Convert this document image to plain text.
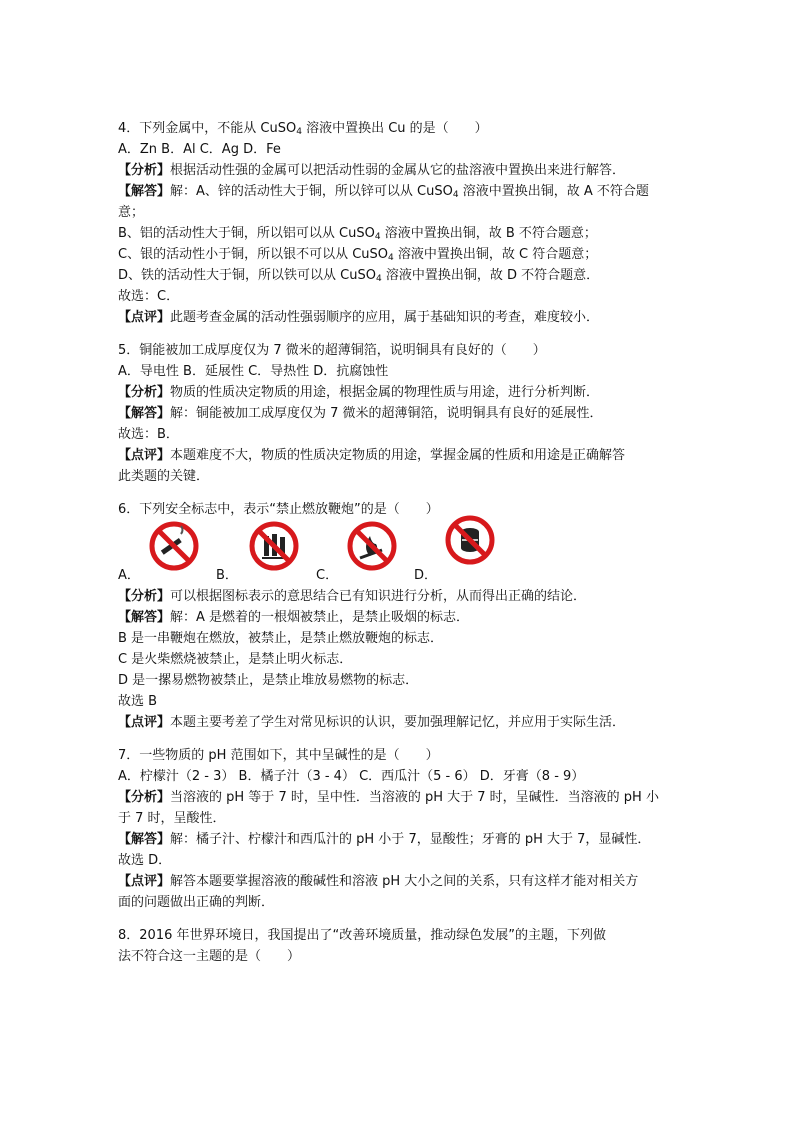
4．下列金属中，不能从 CuSO$_4$ 溶液中置换出 Cu 的是（　　）
A．Zn B．Al C．Ag D．Fe
【分析】根据活动性强的金属可以把活动性弱的金属从它的盐溶液中置换出来进行解答．
【解答】解：A、锌的活动性大于铜，所以锌可以从 CuSO$_4$ 溶液中置换出铜，故 A 不符合题
意；
B、铝的活动性大于铜，所以铝可以从 CuSO$_4$ 溶液中置换出铜，故 B 不符合题意；
C、银的活动性小于铜，所以银不可以从 CuSO$_4$ 溶液中置换出铜，故 C 符合题意；
D、铁的活动性大于铜，所以铁可以从 CuSO$_4$ 溶液中置换出铜，故 D 不符合题意．
故选：C．
【点评】此题考查金属的活动性强弱顺序的应用，属于基础知识的考查，难度较小．
5．铜能被加工成厚度仅为 7 微米的超薄铜箔，说明铜具有良好的（　　）
A．导电性 B．延展性 C．导热性 D．抗腐蚀性
【分析】物质的性质决定物质的用途，根据金属的物理性质与用途，进行分析判断．
【解答】解：铜能被加工成厚度仅为 7 微米的超薄铜箔，说明铜具有良好的延展性．
故选：B．
【点评】本题难度不大，物质的性质决定物质的用途，掌握金属的性质和用途是正确解答
此类题的关键．
6．下列安全标志中，表示“禁止燃放鞭炮”的是（　　）
A．	B．	C．	D．
【分析】可以根据图标表示的意思结合已有知识进行分析，从而得出正确的结论．
【解答】解：A 是燃着的一根烟被禁止，是禁止吸烟的标志．
B 是一串鞭炮在燃放，被禁止，是禁止燃放鞭炮的标志．
C 是火柴燃烧被禁止，是禁止明火标志．
D 是一摞易燃物被禁止，是禁止堆放易燃物的标志．
故选 B
【点评】本题主要考差了学生对常见标识的认识，要加强理解记忆，并应用于实际生活．
7．一些物质的 pH 范围如下，其中呈碱性的是（　　）
A．柠檬汁（2 - 3） B．橘子汁（3 - 4） C．西瓜汁（5 - 6） D．牙膏（8 - 9）
【分析】当溶液的 pH 等于 7 时，呈中性．当溶液的 pH 大于 7 时，呈碱性．当溶液的 pH 小
于 7 时，呈酸性．
【解答】解：橘子汁、柠檬汁和西瓜汁的 pH 小于 7，显酸性；牙膏的 pH 大于 7，显碱性．
故选 D．
【点评】解答本题要掌握溶液的酸碱性和溶液 pH 大小之间的关系，只有这样才能对相关方
面的问题做出正确的判断．
8．2016 年世界环境日，我国提出了“改善环境质量，推动绿色发展”的主题，下列做
法不符合这一主题的是（　　）
